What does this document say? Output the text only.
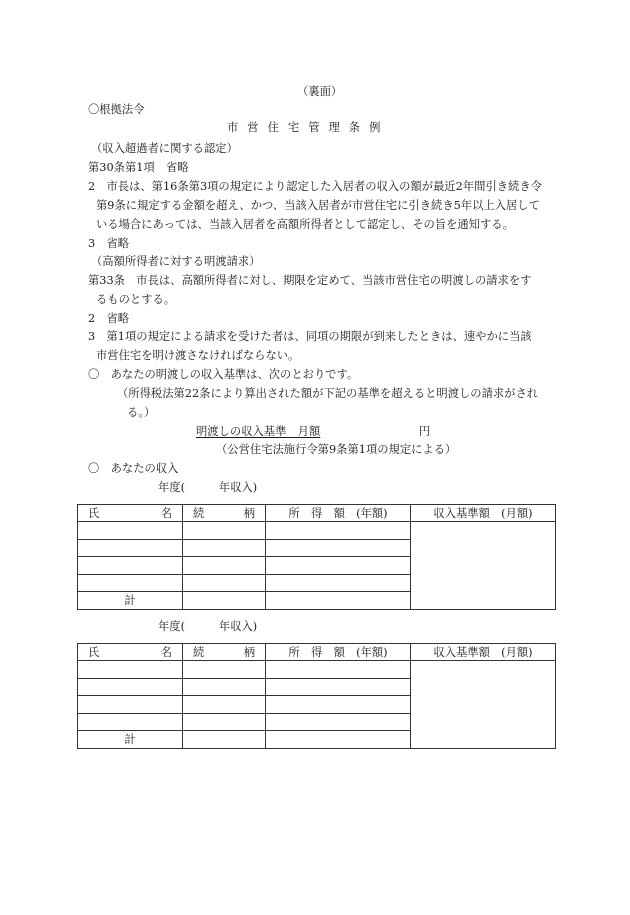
（裏面）
〇根拠法令
市営住宅管理条例
（収入超過者に関する認定）
第30条第1項　省略
2　市長は、第16条第3項の規定により認定した入居者の収入の額が最近2年間引き続き令
第9条に規定する金額を超え、かつ、当該入居者が市営住宅に引き続き5年以上入居して
いる場合にあっては、当該入居者を高額所得者として認定し、その旨を通知する。
3　省略
（高額所得者に対する明渡請求）
第33条　市長は、高額所得者に対し、期限を定めて、当該市営住宅の明渡しの請求をす
るものとする。
2　省略
3　第1項の規定による請求を受けた者は、同項の期限が到来したときは、速やかに当該
市営住宅を明け渡さなければならない。
〇　あなたの明渡しの収入基準は、次のとおりです。
（所得税法第22条により算出された額が下記の基準を超えると明渡しの請求がされ
る。）
明渡しの収入基準　月額	円
（公営住宅法施行令第9条第1項の規定による）
〇　あなたの収入
年度(　　　年収入)
氏 名	続 柄	所　得　額　(年額)	収入基準額　(月額)

計			
年度(　　　年収入)
氏 名	続 柄	所　得　額　(年額)	収入基準額　(月額)

計			
